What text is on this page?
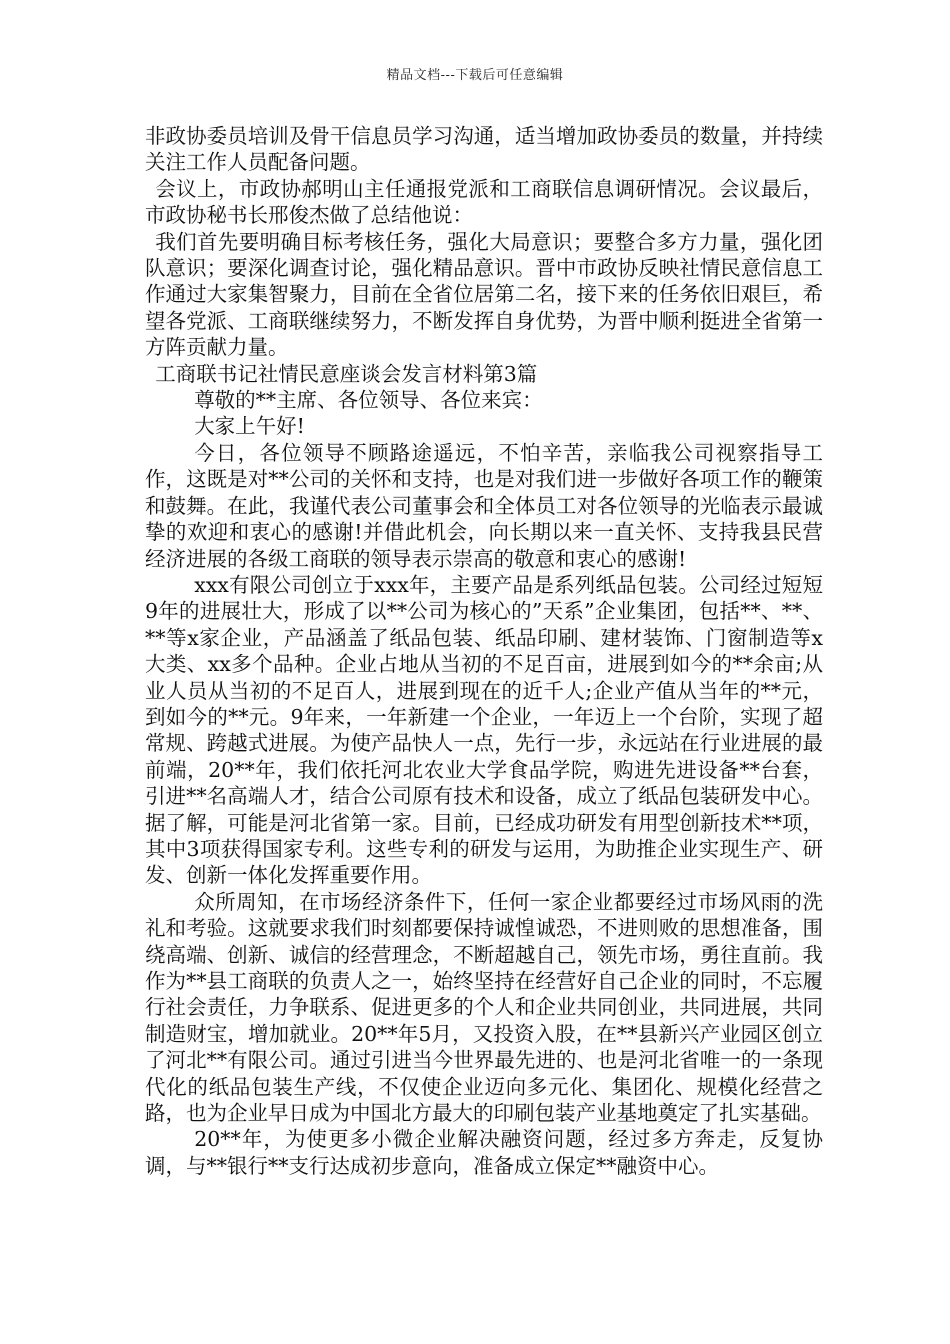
精品文档---下载后可任意编辑

非政协委员培训及骨干信息员学习沟通，适当增加政协委员的数量，并持续关注工作人员配备问题。

会议上，市政协郝明山主任通报党派和工商联信息调研情况。会议最后，市政协秘书长邢俊杰做了总结他说：

我们首先要明确目标考核任务，强化大局意识；要整合多方力量，强化团队意识；要深化调查讨论，强化精品意识。晋中市政协反映社情民意信息工作通过大家集智聚力，目前在全省位居第二名，接下来的任务依旧艰巨，希望各党派、工商联继续努力，不断发挥自身优势，为晋中顺利挺进全省第一方阵贡献力量。

工商联书记社情民意座谈会发言材料第3篇

尊敬的**主席、各位领导、各位来宾：

大家上午好!

今日，各位领导不顾路途遥远，不怕辛苦，亲临我公司视察指导工作，这既是对**公司的关怀和支持，也是对我们进一步做好各项工作的鞭策和鼓舞。在此，我谨代表公司董事会和全体员工对各位领导的光临表示最诚挚的欢迎和衷心的感谢!并借此机会，向长期以来一直关怀、支持我县民营经济进展的各级工商联的领导表示崇高的敬意和衷心的感谢!

xxx有限公司创立于xxx年，主要产品是系列纸品包装。公司经过短短9年的进展壮大，形成了以**公司为核心的”天系”企业集团，包括**、**、**等x家企业，产品涵盖了纸品包装、纸品印刷、建材装饰、门窗制造等x大类、xx多个品种。企业占地从当初的不足百亩，进展到如今的**余亩;从业人员从当初的不足百人，进展到现在的近千人;企业产值从当年的**元，到如今的**元。9年来，一年新建一个企业，一年迈上一个台阶，实现了超常规、跨越式进展。为使产品快人一点，先行一步，永远站在行业进展的最前端，20**年，我们依托河北农业大学食品学院，购进先进设备**台套，引进**名高端人才，结合公司原有技术和设备，成立了纸品包装研发中心。据了解，可能是河北省第一家。目前，已经成功研发有用型创新技术**项，其中3项获得国家专利。这些专利的研发与运用，为助推企业实现生产、研发、创新一体化发挥重要作用。

众所周知，在市场经济条件下，任何一家企业都要经过市场风雨的洗礼和考验。这就要求我们时刻都要保持诚惶诚恐，不进则败的思想准备，围绕高端、创新、诚信的经营理念，不断超越自己，领先市场，勇往直前。我作为**县工商联的负责人之一，始终坚持在经营好自己企业的同时，不忘履行社会责任，力争联系、促进更多的个人和企业共同创业，共同进展，共同制造财宝，增加就业。20**年5月，又投资入股，在**县新兴产业园区创立了河北**有限公司。通过引进当今世界最先进的、也是河北省唯一的一条现代化的纸品包装生产线，不仅使企业迈向多元化、集团化、规模化经营之路，也为企业早日成为中国北方最大的印刷包装产业基地奠定了扎实基础。

20**年，为使更多小微企业解决融资问题，经过多方奔走，反复协调，与**银行**支行达成初步意向，准备成立保定**融资中心。
